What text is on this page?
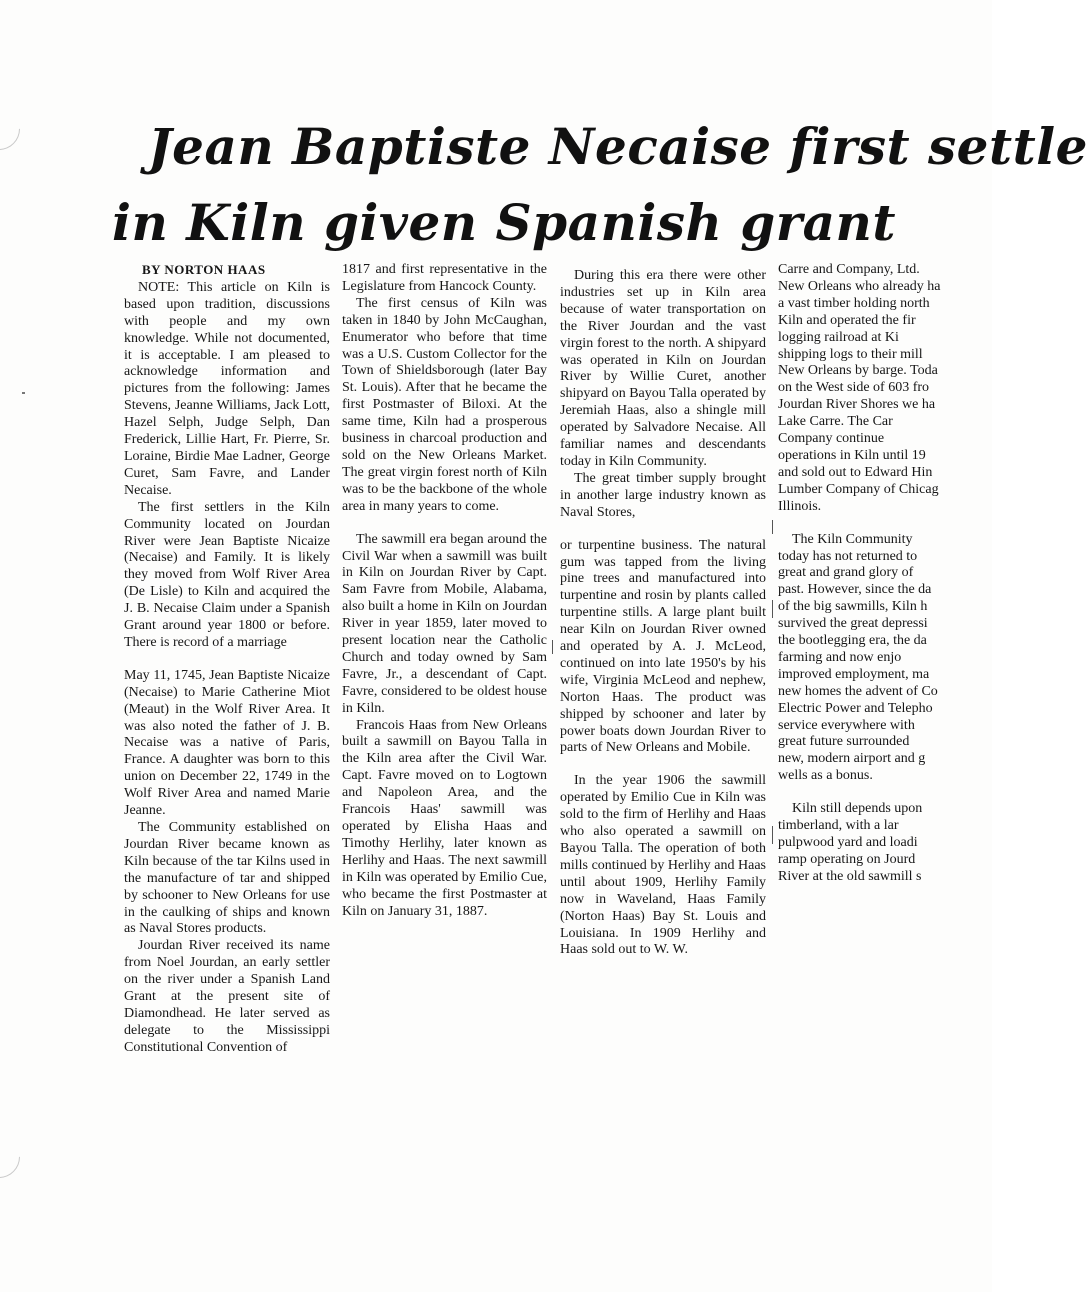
Jean Baptiste Necaise first settle
in Kiln given Spanish grant
BY NORTON HAAS

NOTE: This article on Kiln is based upon tradition, discussions with people and my own knowledge. While not documented, it is acceptable. I am pleased to acknowledge information and pictures from the following: James Stevens, Jeanne Williams, Jack Lott, Hazel Selph, Judge Selph, Dan Frederick, Lillie Hart, Fr. Pierre, Sr. Loraine, Birdie Mae Ladner, George Curet, Sam Favre, and Lander Necaise.

The first settlers in the Kiln Community located on Jourdan River were Jean Baptiste Nicaize (Necaise) and Family. It is likely they moved from Wolf River Area (De Lisle) to Kiln and acquired the J. B. Necaise Claim under a Spanish Grant around year 1800 or before. There is record of a marriage

May 11, 1745, Jean Baptiste Nicaize (Necaise) to Marie Catherine Miot (Meaut) in the Wolf River Area. It was also noted the father of J. B. Necaise was a native of Paris, France. A daughter was born to this union on December 22, 1749 in the Wolf River Area and named Marie Jeanne.

The Community established on Jourdan River became known as Kiln because of the tar Kilns used in the manufacture of tar and shipped by schooner to New Orleans for use in the caulking of ships and known as Naval Stores products.

Jourdan River received its name from Noel Jourdan, an early settler on the river under a Spanish Land Grant at the present site of Diamondhead. He later served as delegate to the Mississippi Constitutional Convention of

1817 and first representative in the Legislature from Hancock County.

The first census of Kiln was taken in 1840 by John McCaughan, Enumerator who before that time was a U.S. Custom Collector for the Town of Shieldsborough (later Bay St. Louis). After that he became the first Postmaster of Biloxi. At the same time, Kiln had a prosperous business in charcoal production and sold on the New Orleans Market. The great virgin forest north of Kiln was to be the backbone of the whole area in many years to come.

The sawmill era began around the Civil War when a sawmill was built in Kiln on Jourdan River by Capt. Sam Favre from Mobile, Alabama, also built a home in Kiln on Jourdan River in year 1859, later moved to present location near the Catholic Church and today owned by Sam Favre, Jr., a descendant of Capt. Favre, considered to be oldest house in Kiln.

Francois Haas from New Orleans built a sawmill on Bayou Talla in the Kiln area after the Civil War. Capt. Favre moved on to Logtown and Napoleon Area, and the Francois Haas' sawmill was operated by Elisha Haas and Timothy Herlihy, later known as Herlihy and Haas. The next sawmill in Kiln was operated by Emilio Cue, who became the first Postmaster at Kiln on January 31, 1887.

During this era there were other industries set up in Kiln area because of water transportation on the River Jourdan and the vast virgin forest to the north. A shipyard was operated in Kiln on Jourdan River by Willie Curet, another shipyard on Bayou Talla operated by Jeremiah Haas, also a shingle mill operated by Salvadore Necaise. All familiar names and descendants today in Kiln Community.

The great timber supply brought in another large industry known as Naval Stores,

or turpentine business. The natural gum was tapped from the living pine trees and manufactured into turpentine and rosin by plants called turpentine stills. A large plant built near Kiln on Jourdan River owned and operated by A. J. McLeod, continued on into late 1950's by his wife, Virginia McLeod and nephew, Norton Haas. The product was shipped by schooner and later by power boats down Jourdan River to parts of New Orleans and Mobile.

In the year 1906 the sawmill operated by Emilio Cue in Kiln was sold to the firm of Herlihy and Haas who also operated a sawmill on Bayou Talla. The operation of both mills continued by Herlihy and Haas until about 1909, Herlihy Family now in Waveland, Haas Family (Norton Haas) Bay St. Louis and Louisiana. In 1909 Herlihy and Haas sold out to W. W.

Carre and Company, Ltd.

New Orleans who already ha

a vast timber holding north

Kiln and operated the fir

logging railroad at Ki

shipping logs to their mill

New Orleans by barge. Toda

on the West side of 603 fro

Jourdan River Shores we ha

Lake Carre. The Car

Company continue

operations in Kiln until 19

and sold out to Edward Hin

Lumber Company of Chicag

Illinois.

The Kiln Community

today has not returned to

great and grand glory of

past. However, since the da

of the big sawmills, Kiln h

survived the great depressi

the bootlegging era, the da

farming and now enjo

improved employment, ma

new homes the advent of Co

Electric Power and Telepho

service everywhere with

great future surrounded

new, modern airport and g

wells as a bonus.

Kiln still depends upon

timberland, with a lar

pulpwood yard and loadi

ramp operating on Jourd

River at the old sawmill s
